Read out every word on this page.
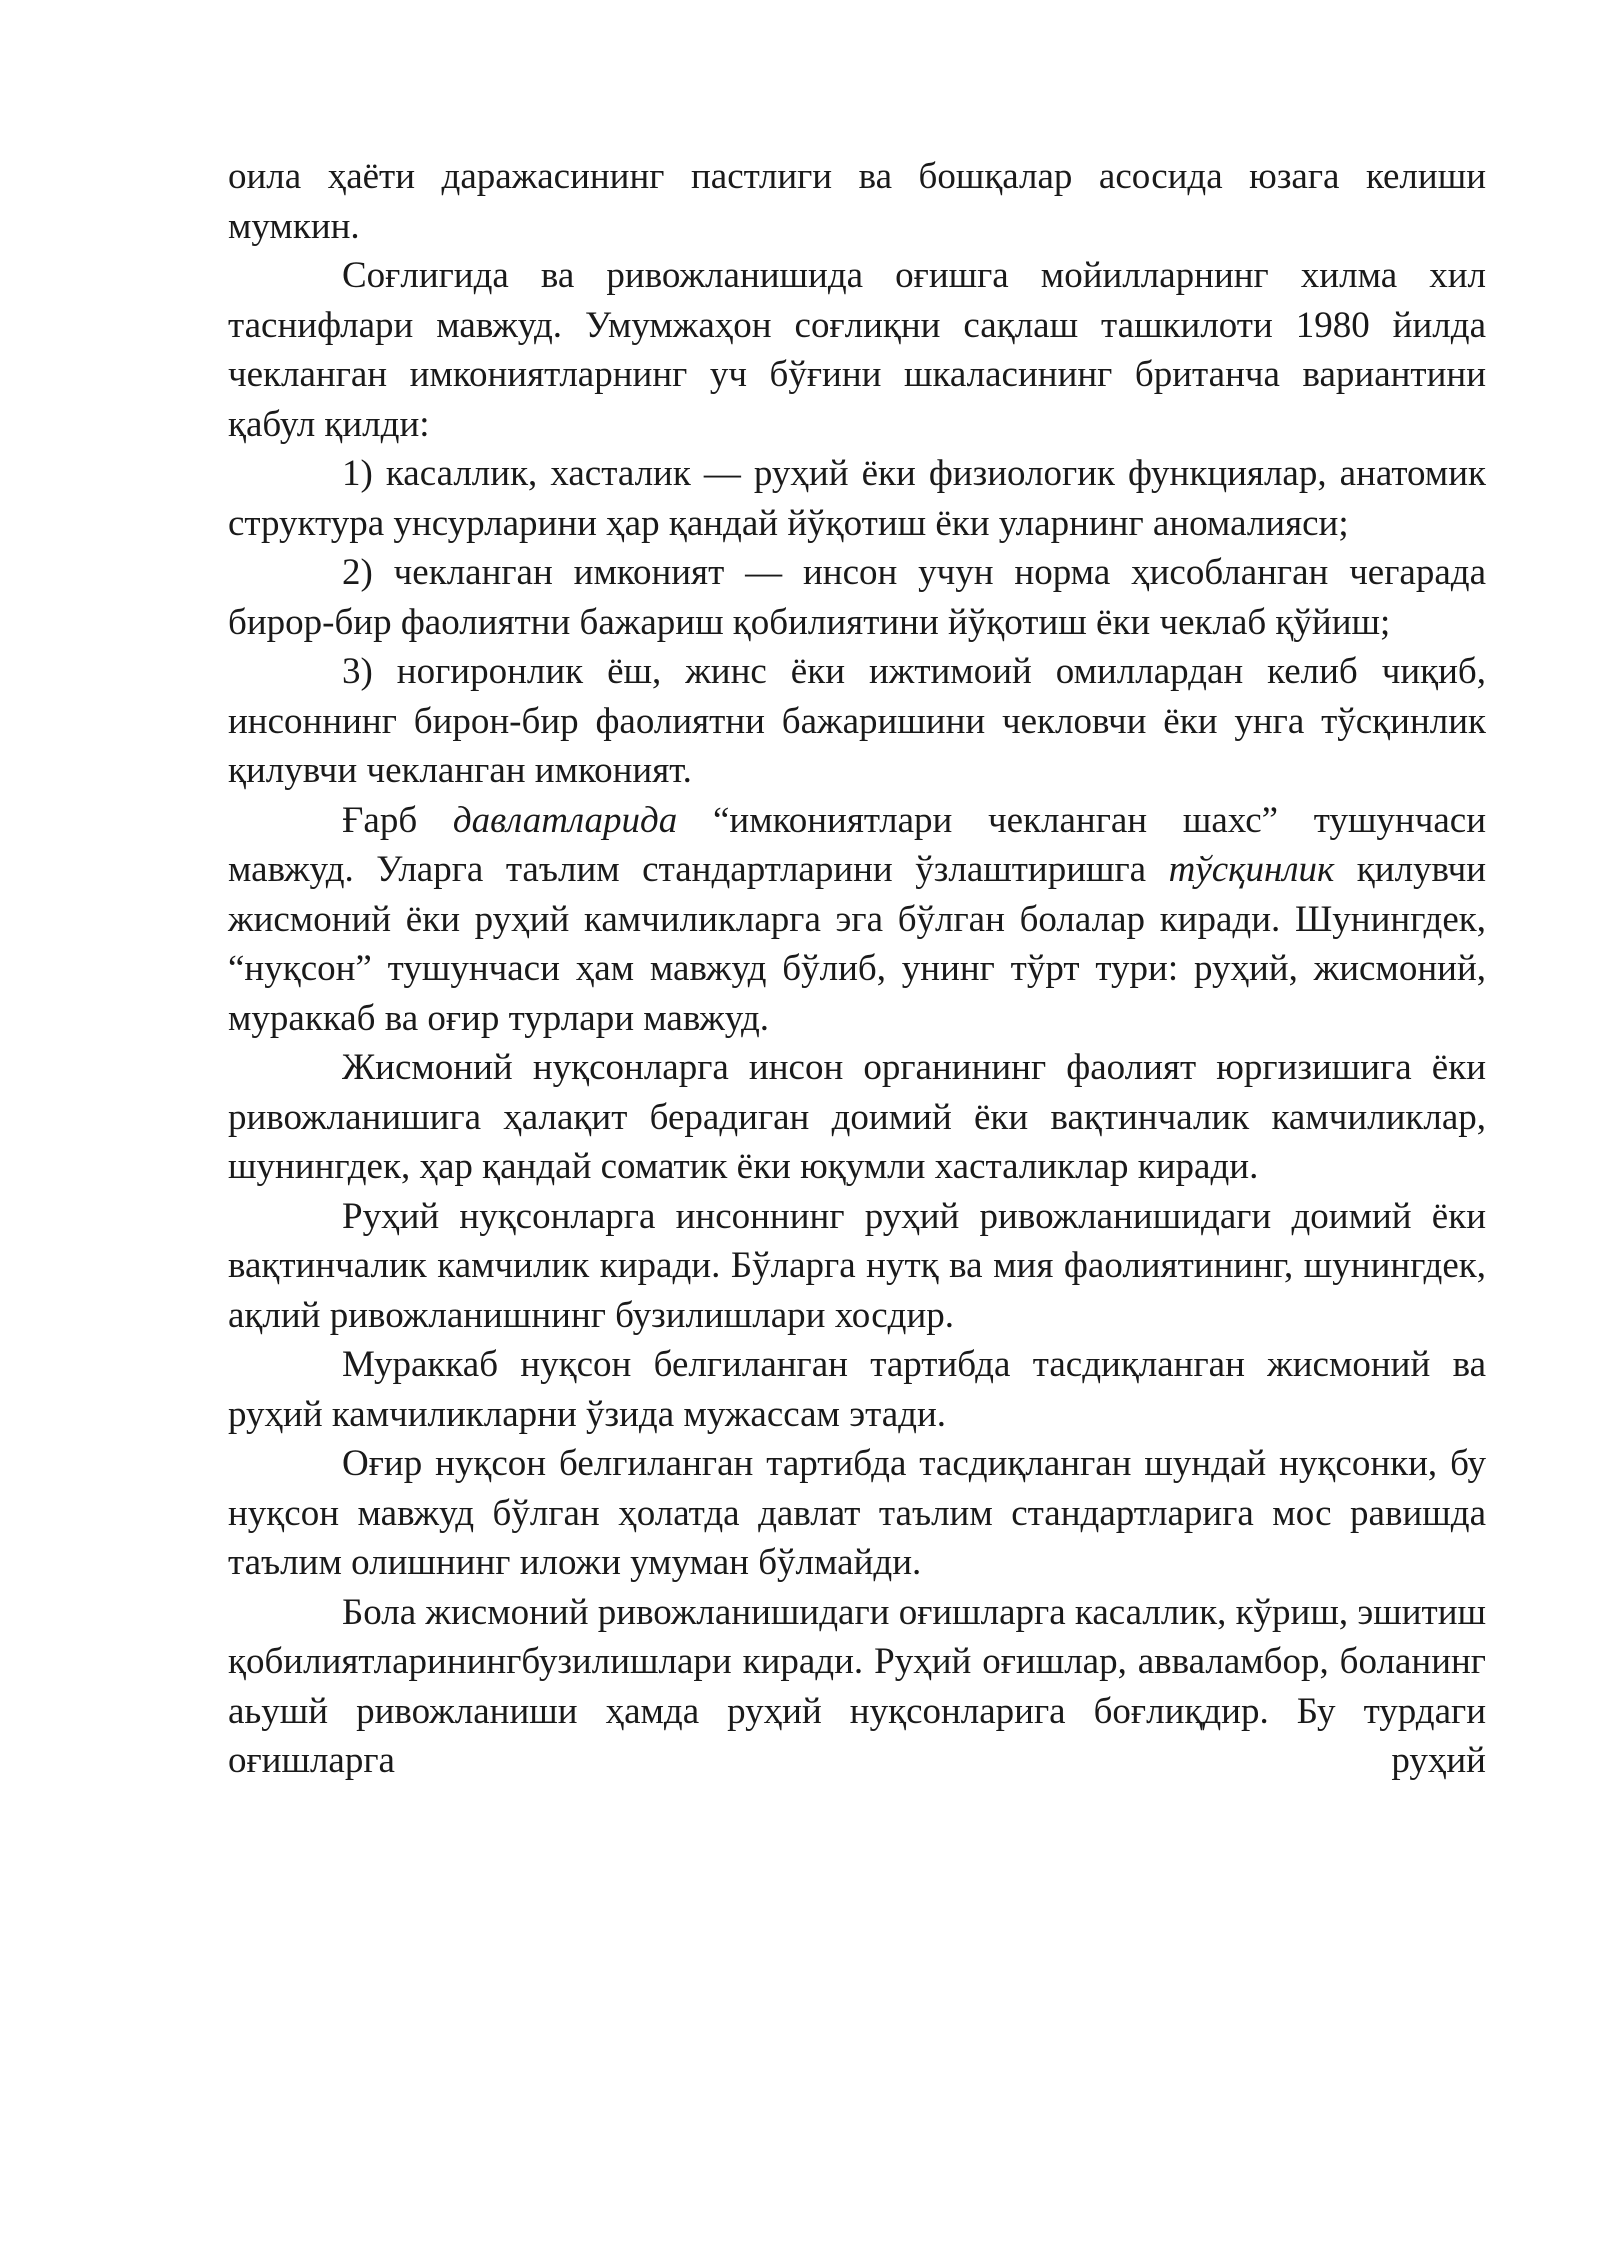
оила ҳаёти даражасининг пастлиги ва бошқалар асосида юзага келиши мумкин.

Соғлигида ва ривожланишида оғишга мойилларнинг хилма хил таснифлари мавжуд. Умумжаҳон соғлиқни сақлаш ташкилоти 1980 йилда чекланган имкониятларнинг уч бўғини шкаласининг британча вариантини қабул қилди:

1) касаллик, хасталик — руҳий ёки физиологик функциялар, анатомик структура унсурларини ҳар қандай йўқотиш ёки уларнинг аномалияси;

2) чекланган имконият — инсон учун норма ҳисобланган чегарада бирор-бир фаолиятни бажариш қобилиятини йўқотиш ёки чеклаб қўйиш;

3) ногиронлик ёш, жинс ёки ижтимоий омиллардан келиб чиқиб, инсоннинг бирон-бир фаолиятни бажаришини чекловчи ёки унга тўсқинлик қилувчи чекланган имконият.

Ғарб давлатларида “имкониятлари чекланган шахс” тушунчаси мавжуд. Уларга таълим стандартларини ўзлаштиришга тўсқинлик қилувчи жисмоний ёки руҳий камчиликларга эга бўлган болалар киради. Шунингдек, “нуқсон” тушунчаси ҳам мавжуд бўлиб, унинг тўрт тури: руҳий, жисмоний, мураккаб ва оғир турлари мавжуд.

Жисмоний нуқсонларга инсон органининг фаолият юргизишига ёки ривожланишига ҳалақит берадиган доимий ёки вақтинчалик камчиликлар, шунингдек, ҳар қандай соматик ёки юқумли хасталиклар киради.

Руҳий нуқсонларга инсоннинг руҳий ривожланишидаги доимий ёки вақтинчалик камчилик киради. Бўларга нутқ ва мия фаолиятининг, шунингдек, ақлий ривожланишнинг бузилишлари хосдир.

Мураккаб нуқсон белгиланган тартибда тасдиқланган жисмоний ва руҳий камчиликларни ўзида мужассам этади.

Оғир нуқсон белгиланган тартибда тасдиқланган шундай нуқсонки, бу нуқсон мавжуд бўлган ҳолатда давлат таълим стандартларига мос равишда таълим олишнинг иложи умуман бўлмайди.

Бола жисмоний ривожланишидаги оғишларга касаллик, кўриш, эшитиш қобилиятларинингбузилишлари киради. Руҳий оғишлар, авваламбор, боланинг аьушй ривожланиши ҳамда руҳий нуқсонларига боғлиқдир. Бу турдаги оғишларга руҳий
